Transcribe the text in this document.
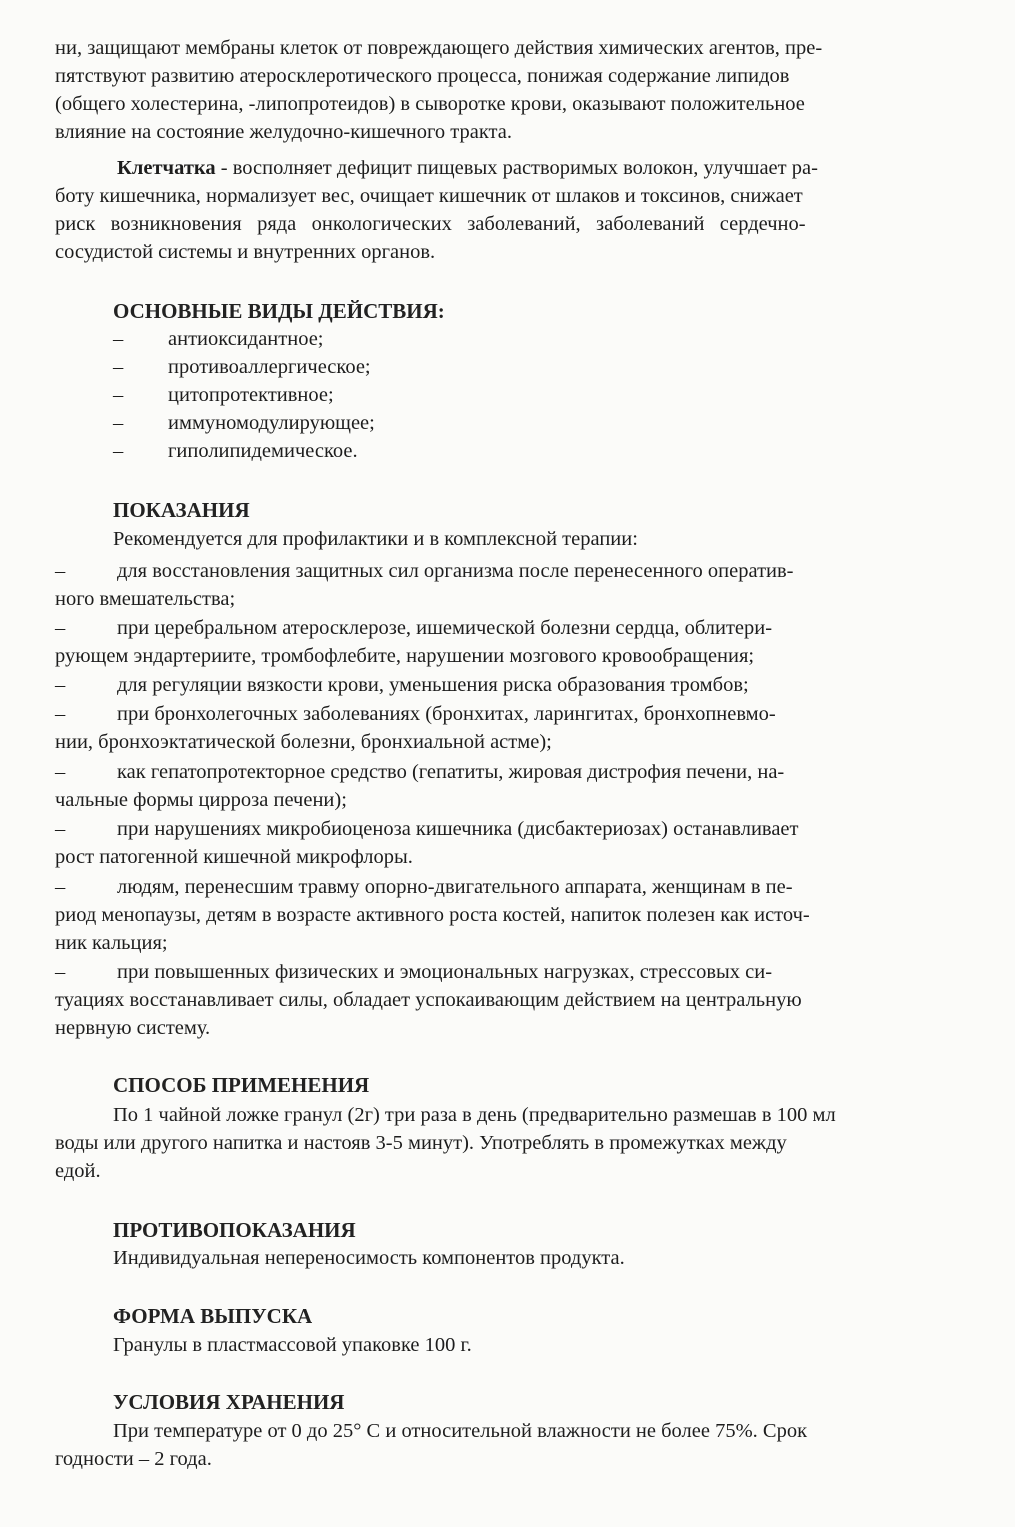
ни, защищают мембраны клеток от повреждающего действия химических агентов, пре-
пятствуют развитию атеросклеротического процесса, понижая содержание липидов
(общего холестерина, -липопротеидов) в сыворотке крови, оказывают положительное
влияние на состояние желудочно-кишечного тракта.
Клетчатка - восполняет дефицит пищевых растворимых волокон, улучшает ра-
боту кишечника, нормализует вес, очищает кишечник от шлаков и токсинов, снижает
риск   возникновения   ряда   онкологических   заболеваний,   заболеваний   сердечно-
сосудистой системы и внутренних органов.
ОСНОВНЫЕ ВИДЫ ДЕЙСТВИЯ:
– антиоксидантное;
– противоаллергическое;
– цитопротективное;
– иммуномодулирующее;
– гиполипидемическое.
ПОКАЗАНИЯ
Рекомендуется для профилактики и в комплексной терапии:
–	для восстановления защитных сил организма после перенесенного оператив-
ного вмешательства;
–	при церебральном атеросклерозе, ишемической болезни сердца, облитери-
рующем эндартериите, тромбофлебите, нарушении мозгового кровообращения;
–	для регуляции вязкости крови, уменьшения риска образования тромбов;
–	при бронхолегочных заболеваниях (бронхитах, ларингитах, бронхопневмо-
нии, бронхоэктатической болезни, бронхиальной астме);
–	как гепатопротекторное средство (гепатиты, жировая дистрофия печени, на-
чальные формы цирроза печени);
–	при нарушениях микробиоценоза кишечника (дисбактериозах) останавливает
рост патогенной кишечной микрофлоры.
–	людям, перенесшим травму опорно-двигательного аппарата, женщинам в пе-
риод менопаузы, детям в возрасте активного роста костей, напиток полезен как источ-
ник кальция;
–	при повышенных физических и эмоциональных нагрузках, стрессовых си-
туациях восстанавливает силы, обладает успокаивающим действием на центральную
нервную систему.
СПОСОБ ПРИМЕНЕНИЯ
По 1 чайной ложке гранул (2г) три раза в день (предварительно размешав в 100 мл
воды или другого напитка и настояв 3-5 минут). Употреблять в промежутках между
едой.
ПРОТИВОПОКАЗАНИЯ
Индивидуальная непереносимость компонентов продукта.
ФОРМА ВЫПУСКА
Гранулы в пластмассовой упаковке 100 г.
УСЛОВИЯ ХРАНЕНИЯ
При температуре от 0 до 25° С и относительной влажности не более 75%. Срок
годности – 2 года.
